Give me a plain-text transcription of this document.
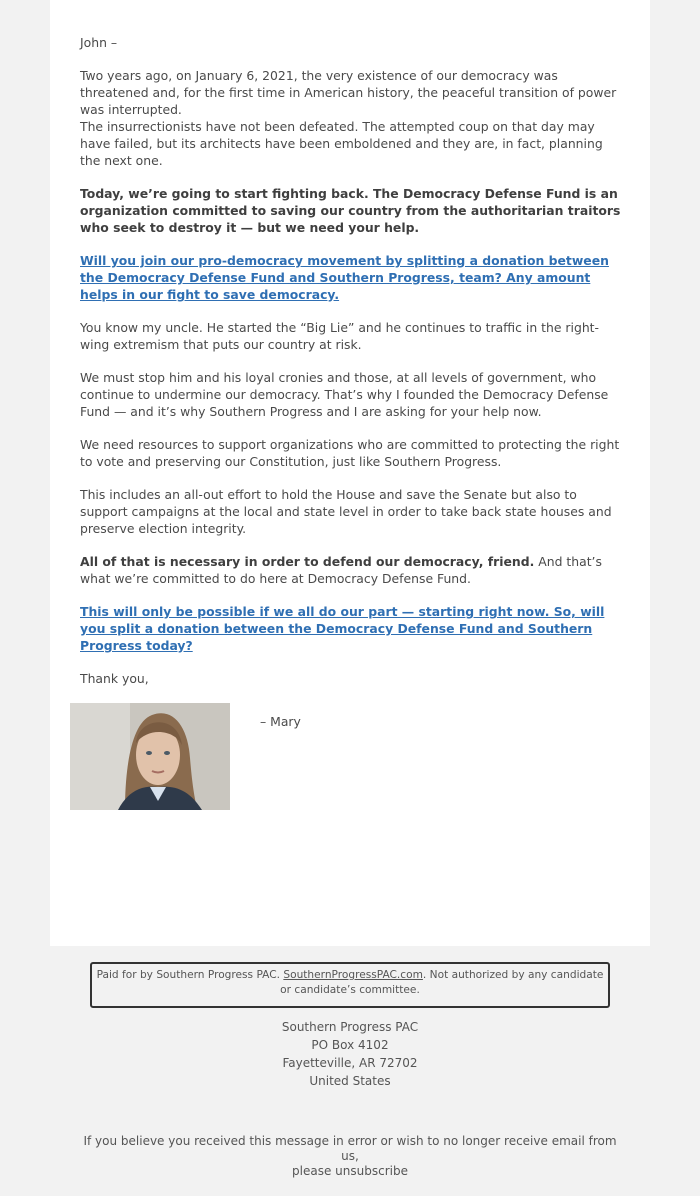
John –

Two years ago, on January 6, 2021, the very existence of our democracy was threatened and, for the first time in American history, the peaceful transition of power was interrupted.

The insurrectionists have not been defeated. The attempted coup on that day may have failed, but its architects have been emboldened and they are, in fact, planning the next one.

Today, we’re going to start fighting back. The Democracy Defense Fund is an organization committed to saving our country from the authoritarian traitors who seek to destroy it — but we need your help.

Will you join our pro-democracy movement by splitting a donation between the Democracy Defense Fund and Southern Progress, team? Any amount helps in our fight to save democracy.

You know my uncle. He started the “Big Lie” and he continues to traffic in the right-wing extremism that puts our country at risk.

We must stop him and his loyal cronies and those, at all levels of government, who continue to undermine our democracy. That’s why I founded the Democracy Defense Fund — and it’s why Southern Progress and I are asking for your help now.

We need resources to support organizations who are committed to protecting the right to vote and preserving our Constitution, just like Southern Progress.

This includes an all-out effort to hold the House and save the Senate but also to support campaigns at the local and state level in order to take back state houses and preserve election integrity.

All of that is necessary in order to defend our democracy, friend. And that’s what we’re committed to do here at Democracy Defense Fund.

This will only be possible if we all do our part — starting right now. So, will you split a donation between the Democracy Defense Fund and Southern Progress today?

Thank you,

– Mary
Paid for by Southern Progress PAC. SouthernProgressPAC.com. Not authorized by any candidate or candidate’s committee.
Southern Progress PAC
PO Box 4102
Fayetteville, AR 72702
United States
If you believe you received this message in error or wish to no longer receive email from us,
please unsubscribe
